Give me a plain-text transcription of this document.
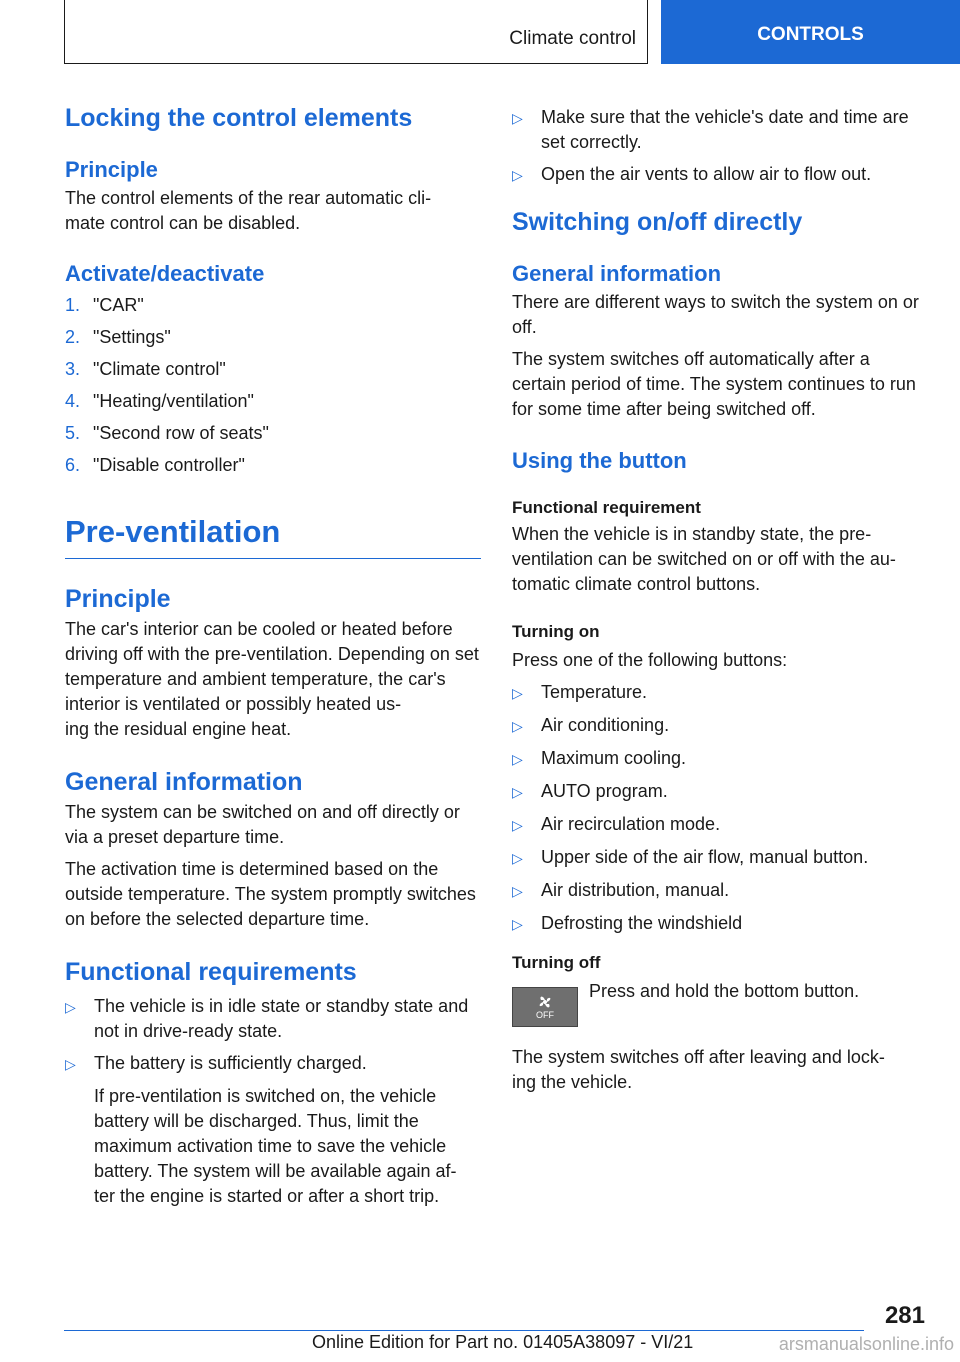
Climate control	CONTROLS
Locking the control elements
Principle

The control elements of the rear automatic cli-
mate control can be disabled.

Activate/deactivate
1. "CAR"
2. "Settings"
3. "Climate control"
4. "Heating/ventilation"
5. "Second row of seats"
6. "Disable controller"
Pre-ventilation
Principle

The car's interior can be cooled or heated before driving off with the pre-ventilation. Depending on set temperature and ambient temperature, the car's interior is ventilated or possibly heated us-
ing the residual engine heat.

General information

The system can be switched on and off directly or via a preset departure time.

The activation time is determined based on the outside temperature. The system promptly switches on before the selected departure time.

Functional requirements
▷	The vehicle is in idle state or standby state and not in drive-ready state.
▷	The battery is sufficiently charged.

If pre-ventilation is switched on, the vehicle battery will be discharged. Thus, limit the maximum activation time to save the vehicle battery. The system will be available again af-
ter the engine is started or after a short trip.

▷	Make sure that the vehicle's date and time are set correctly.
▷	Open the air vents to allow air to flow out.
Switching on/off directly
General information

There are different ways to switch the system on or off.

The system switches off automatically after a certain period of time. The system continues to run for some time after being switched off.

Using the button
Functional requirement

When the vehicle is in standby state, the pre-
ventilation can be switched on or off with the au-
tomatic climate control buttons.

Turning on

Press one of the following buttons:

▷	Temperature.
▷	Air conditioning.
▷	Maximum cooling.
▷	AUTO program.
▷	Air recirculation mode.
▷	Upper side of the air flow, manual button.
▷	Air distribution, manual.
▷	Defrosting the windshield
Turning off
OFF

Press and hold the bottom button.

The system switches off after leaving and lock-
ing the vehicle.

281
Online Edition for Part no. 01405A38097 - VI/21	arsmanualsonline.info
